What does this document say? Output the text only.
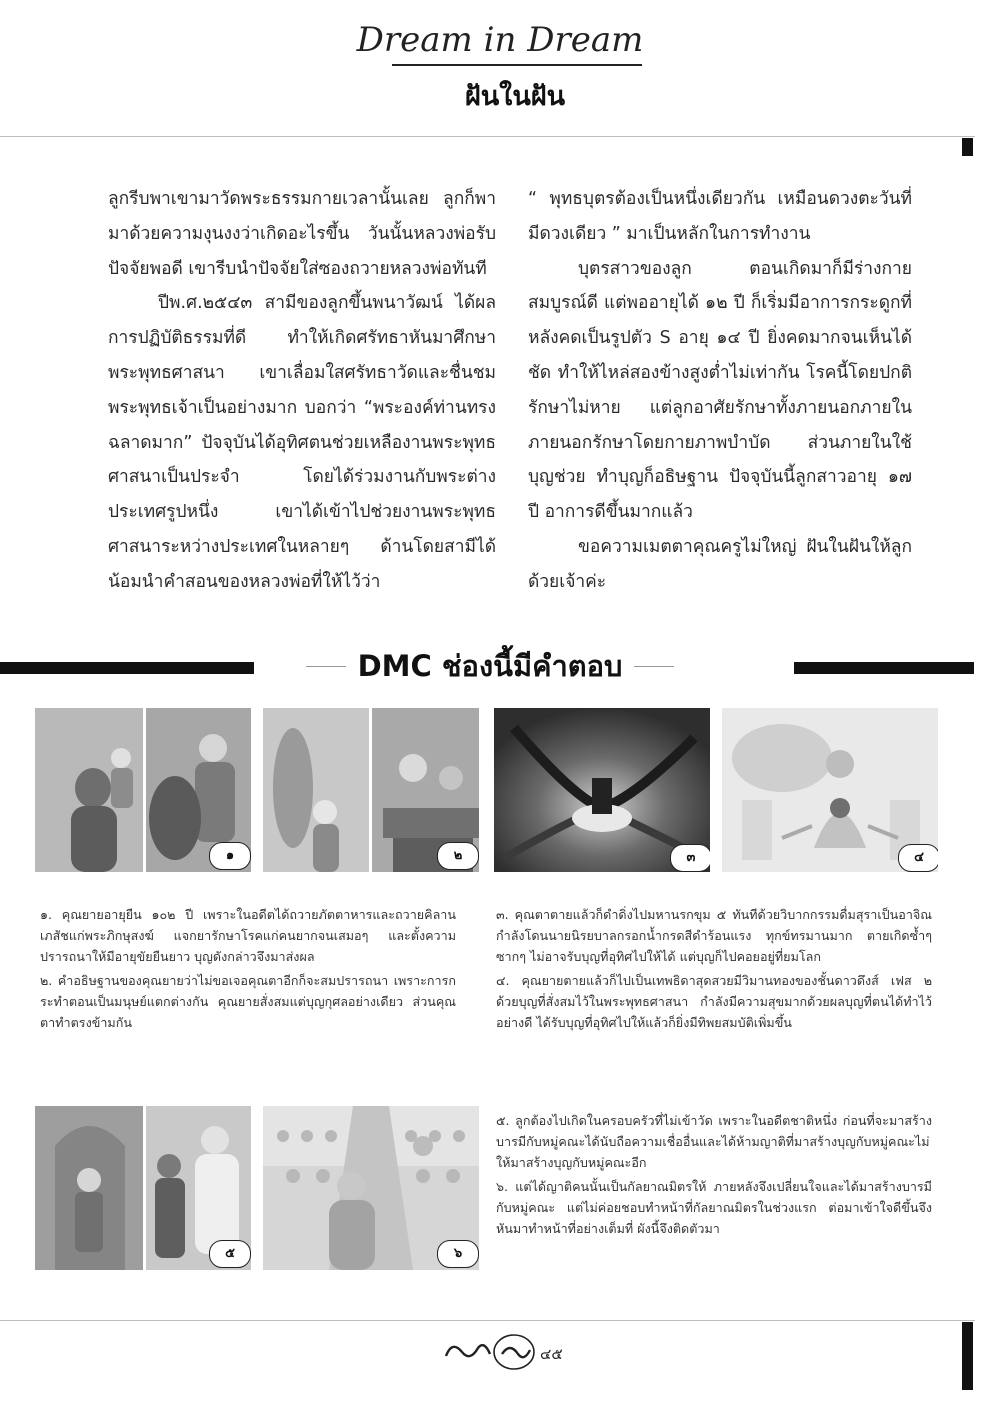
Dream in Dream
ฝันในฝัน

ลูกรีบพาเขามาวัดพระธรรมกายเวลานั้นเลย ลูกก็พามาด้วยความงุนงงว่าเกิดอะไรขึ้น วันนั้นหลวงพ่อรับปัจจัยพอดี เขารีบนำปัจจัยใส่ซองถวายหลวงพ่อทันที

ปีพ.ศ.๒๕๔๓ สามีของลูกขึ้นพนาวัฒน์ ได้ผลการปฏิบัติธรรมที่ดี ทำให้เกิดศรัทธาหันมาศึกษาพระพุทธศาสนา เขาเลื่อมใสศรัทธาวัดและชื่นชมพระพุทธเจ้าเป็นอย่างมาก บอกว่า “พระองค์ท่านทรงฉลาดมาก” ปัจจุบันได้อุทิศตนช่วยเหลืองานพระพุทธศาสนาเป็นประจำ โดยได้ร่วมงานกับพระต่างประเทศรูปหนึ่ง เขาได้เข้าไปช่วยงานพระพุทธศาสนาระหว่างประเทศในหลายๆ ด้านโดยสามีได้น้อมนำคำสอนของหลวงพ่อที่ให้ไว้ว่า

“ พุทธบุตรต้องเป็นหนึ่งเดียวกัน เหมือนดวงตะวันที่มีดวงเดียว ” มาเป็นหลักในการทำงาน

บุตรสาวของลูก ตอนเกิดมาก็มีร่างกายสมบูรณ์ดี แต่พออายุได้ ๑๒ ปี ก็เริ่มมีอาการกระดูกที่หลังคดเป็นรูปตัว S อายุ ๑๔ ปี ยิ่งคดมากจนเห็นได้ชัด ทำให้ไหล่สองข้างสูงต่ำไม่เท่ากัน โรคนี้โดยปกติรักษาไม่หาย แต่ลูกอาศัยรักษาทั้งภายนอกภายใน ภายนอกรักษาโดยกายภาพบำบัด ส่วนภายในใช้บุญช่วย ทำบุญก็อธิษฐาน ปัจจุบันนี้ลูกสาวอายุ ๑๗ ปี อาการดีขึ้นมากแล้ว

ขอความเมตตาคุณครูไม่ใหญ่ ฝันในฝันให้ลูกด้วยเจ้าค่ะ

DMC ช่องนี้มีคำตอบ
๑	๒	๓	๔

๑. คุณยายอายุยืน ๑๐๒ ปี เพราะในอดีตได้ถวายภัตตาหารและถวายคิลานเภสัชแก่พระภิกษุสงฆ์ แจกยารักษาโรคแก่คนยากจนเสมอๆ และตั้งความปรารถนาให้มีอายุขัยยืนยาว บุญดังกล่าวจึงมาส่งผล

๒. คำอธิษฐานของคุณยายว่าไม่ขอเจอคุณตาอีกก็จะสมปรารถนา เพราะการกระทำตอนเป็นมนุษย์แตกต่างกัน คุณยายสั่งสมแต่บุญกุศลอย่างเดียว ส่วนคุณตาทำตรงข้ามกัน

๓. คุณตาตายแล้วก็ดำดิ่งไปมหานรกขุม ๕ ทันทีด้วยวิบากกรรมดื่มสุราเป็นอาจิณ กำลังโดนนายนิรยบาลกรอกน้ำกรดสีดำร้อนแรง ทุกข์ทรมานมาก ตายเกิดซ้ำๆซากๆ ไม่อาจรับบุญที่อุทิศไปให้ได้ แต่บุญก็ไปคอยอยู่ที่ยมโลก

๔. คุณยายตายแล้วก็ไปเป็นเทพธิดาสุดสวยมีวิมานทองของชั้นดาวดึงส์ เฟส ๒ ด้วยบุญที่สั่งสมไว้ในพระพุทธศาสนา กำลังมีความสุขมากด้วยผลบุญที่ตนได้ทำไว้อย่างดี ได้รับบุญที่อุทิศไปให้แล้วก็ยิ่งมีทิพยสมบัติเพิ่มขึ้น

๕	๖

๕. ลูกต้องไปเกิดในครอบครัวที่ไม่เข้าวัด เพราะในอดีตชาติหนึ่ง ก่อนที่จะมาสร้างบารมีกับหมู่คณะได้นับถือความเชื่ออื่นและได้ห้ามญาติที่มาสร้างบุญกับหมู่คณะไม่ให้มาสร้างบุญกับหมู่คณะอีก

๖. แต่ได้ญาติคนนั้นเป็นกัลยาณมิตรให้ ภายหลังจึงเปลี่ยนใจและได้มาสร้างบารมีกับหมู่คณะ แต่ไม่ค่อยชอบทำหน้าที่กัลยาณมิตรในช่วงแรก ต่อมาเข้าใจดีขึ้นจึงหันมาทำหน้าที่อย่างเต็มที่ ผังนี้จึงติดตัวมา

๔๕
